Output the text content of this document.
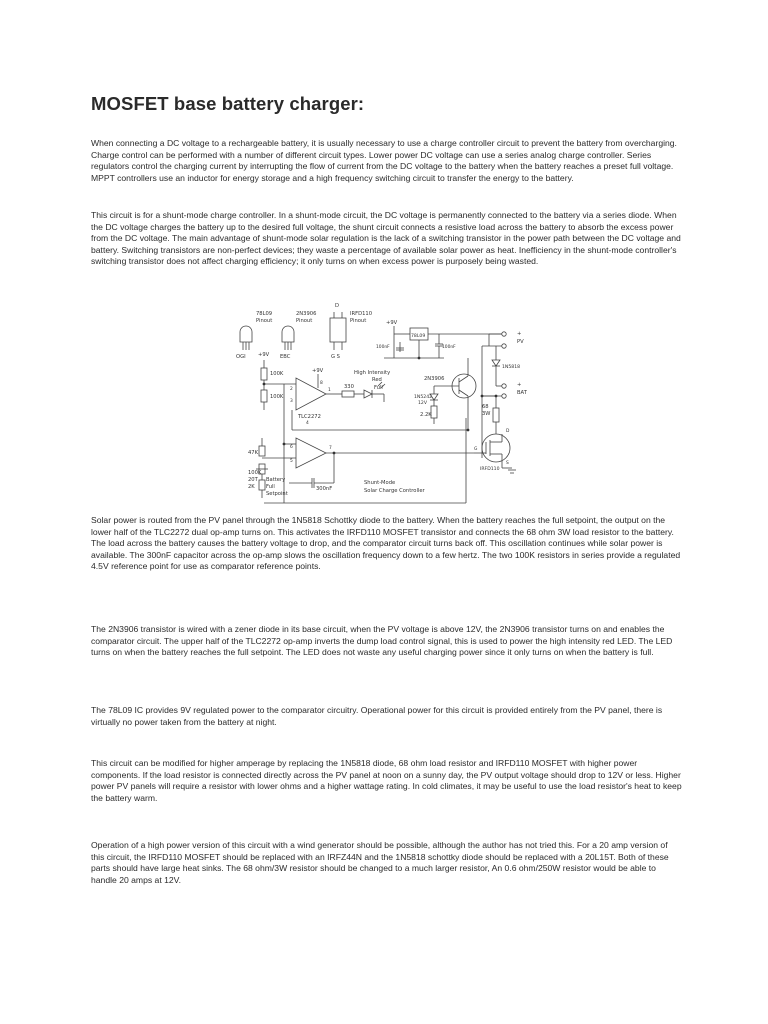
MOSFET base battery charger:

When connecting a DC voltage to a rechargeable battery, it is usually necessary to use a charge controller circuit to prevent the battery from overcharging. Charge control can be performed with a number of different circuit types. Lower power DC voltage can use a series analog charge controller. Series regulators control the charging current by interrupting the flow of current from the DC voltage to the battery when the battery reaches a preset full voltage. MPPT controllers use an inductor for energy storage and a high frequency switching circuit to transfer the energy to the battery.

This circuit is for a shunt-mode charge controller. In a shunt-mode circuit, the DC voltage is permanently connected to the battery via a series diode. When the DC voltage charges the battery up to the desired full voltage, the shunt circuit connects a resistive load across the battery to absorb the excess power from the DC voltage. The main advantage of shunt-mode solar regulation is the lack of a switching transistor in the power path between the DC voltage and battery. Switching transistors are non-perfect devices; they waste a percentage of available solar power as heat. Inefficiency in the shunt-mode controller's switching transistor does not affect charging efficiency; it only turns on when excess power is purposely being wasted.

78L09
Pinout
OGI
2N3906
Pinout
EBC
D
IRFD110
Pinout
G S
+9V
78L09
100nF	100nF
PV
+
BAT
+
1N5818
+9V
100K
100K
+9V
8
1
2
3
4
5
6	7
TLC2272
330
High Intensity
Red
Full
2N3906
1N5242
12V
2.2K
68
3W
IRFD110
D
G
S
47K
100K
20T
2K
Battery
Full
Setpoint
300nF
Shunt-Mode
Solar Charge Controller

Solar power is routed from the PV panel through the 1N5818 Schottky diode to the battery. When the battery reaches the full setpoint, the output on the lower half of the TLC2272 dual op-amp turns on. This activates the IRFD110 MOSFET transistor and connects the 68 ohm 3W load resistor to the battery. The load across the battery causes the battery voltage to drop, and the comparator circuit turns back off. This oscillation continues while solar power is available. The 300nF capacitor across the op-amp slows the oscillation frequency down to a few hertz. The two 100K resistors in series provide a regulated 4.5V reference point for use as comparator reference points.

The 2N3906 transistor is wired with a zener diode in its base circuit, when the PV voltage is above 12V, the 2N3906 transistor turns on and enables the comparator circuit. The upper half of the TLC2272 op-amp inverts the dump load control signal, this is used to power the high intensity red LED. The LED turns on when the battery reaches the full setpoint. The LED does not waste any useful charging power since it only turns on when the battery is full.

The 78L09 IC provides 9V regulated power to the comparator circuitry. Operational power for this circuit is provided entirely from the PV panel, there is virtually no power taken from the battery at night.

This circuit can be modified for higher amperage by replacing the 1N5818 diode, 68 ohm load resistor and IRFD110 MOSFET with higher power components. If the load resistor is connected directly across the PV panel at noon on a sunny day, the PV output voltage should drop to 12V or less. Higher power PV panels will require a resistor with lower ohms and a higher wattage rating. In cold climates, it may be useful to use the load resistor's heat to keep the battery warm.

Operation of a high power version of this circuit with a wind generator should be possible, although the author has not tried this. For a 20 amp version of this circuit, the IRFD110 MOSFET should be replaced with an IRFZ44N and the 1N5818 schottky diode should be replaced with a 20L15T. Both of these parts should have large heat sinks. The 68 ohm/3W resistor should be changed to a much larger resistor, An 0.6 ohm/250W resistor would be able to handle 20 amps at 12V.
